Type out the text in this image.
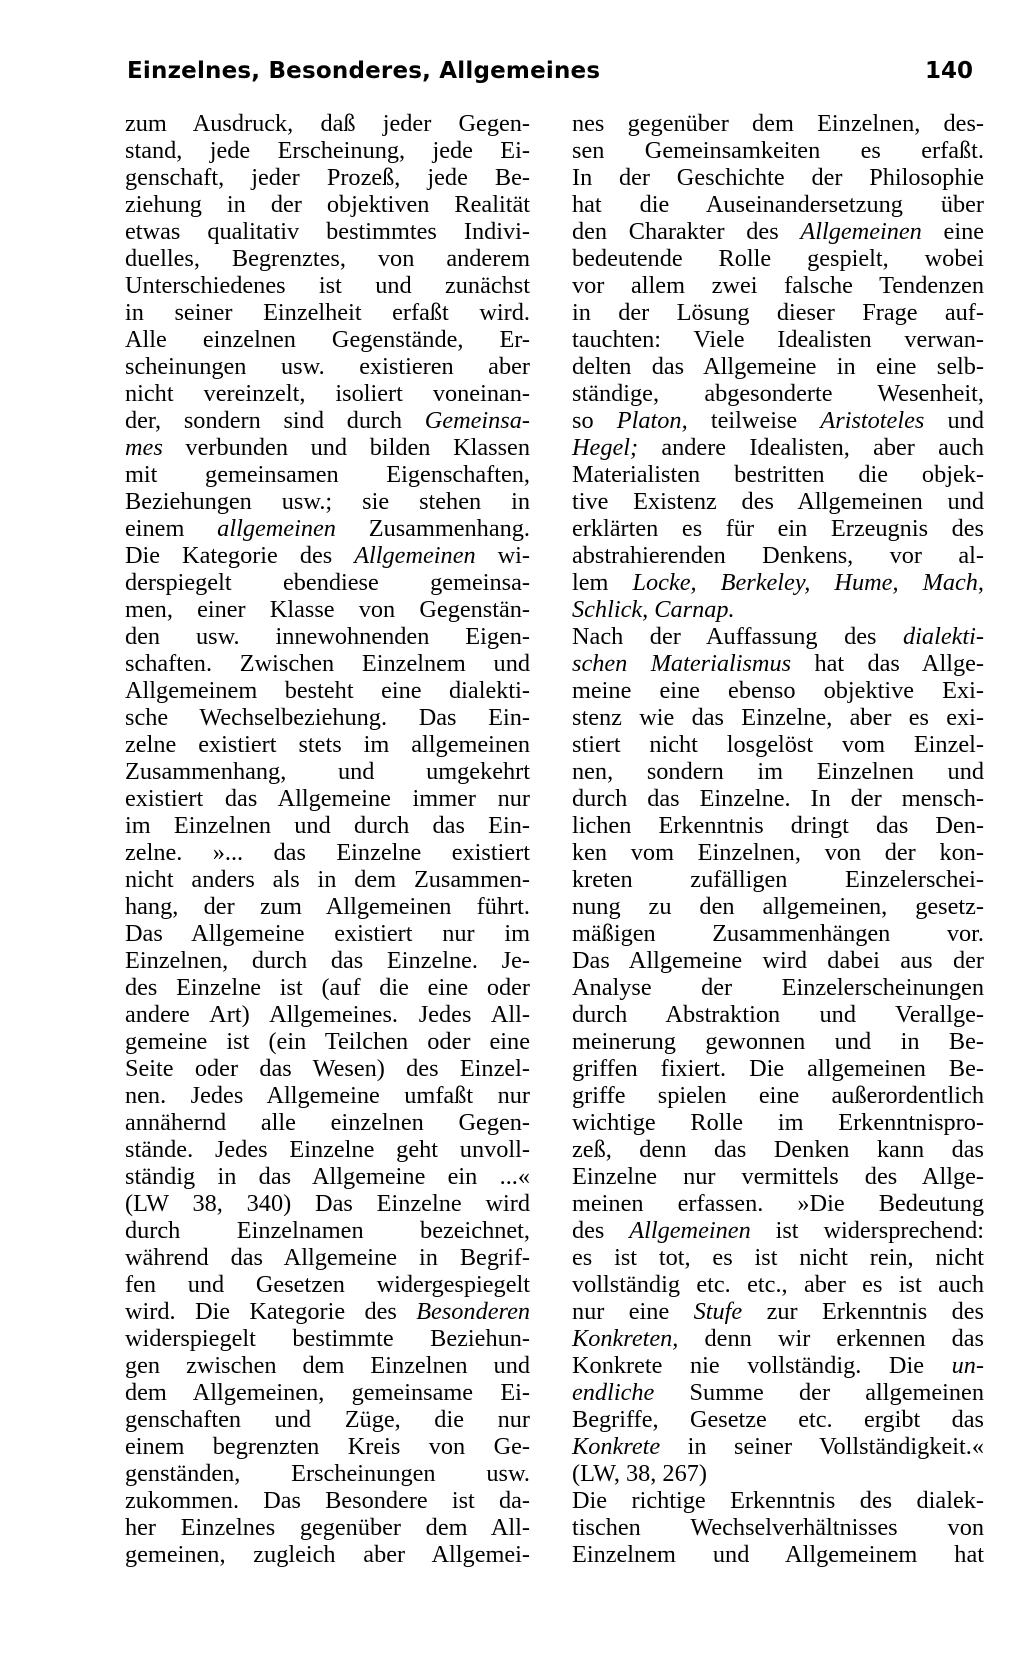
Einzelnes, Besonderes, Allgemeines	140
zum Ausdruck, daß jeder Gegen-
stand, jede Erscheinung, jede Ei-
genschaft, jeder Prozeß, jede Be-
ziehung in der objektiven Realität
etwas qualitativ bestimmtes Indivi-
duelles, Begrenztes, von anderem
Unterschiedenes ist und zunächst
in seiner Einzelheit erfaßt wird.
Alle einzelnen Gegenstände, Er-
scheinungen usw. existieren aber
nicht vereinzelt, isoliert voneinan-
der, sondern sind durch Gemeinsa-
mes verbunden und bilden Klassen
mit gemeinsamen Eigenschaften,
Beziehungen usw.; sie stehen in
einem allgemeinen Zusammenhang.
Die Kategorie des Allgemeinen wi-
derspiegelt ebendiese gemeinsa-
men, einer Klasse von Gegenstän-
den usw. innewohnenden Eigen-
schaften. Zwischen Einzelnem und
Allgemeinem besteht eine dialekti-
sche Wechselbeziehung. Das Ein-
zelne existiert stets im allgemeinen
Zusammenhang, und umgekehrt
existiert das Allgemeine immer nur
im Einzelnen und durch das Ein-
zelne. »... das Einzelne existiert
nicht anders als in dem Zusammen-
hang, der zum Allgemeinen führt.
Das Allgemeine existiert nur im
Einzelnen, durch das Einzelne. Je-
des Einzelne ist (auf die eine oder
andere Art) Allgemeines. Jedes All-
gemeine ist (ein Teilchen oder eine
Seite oder das Wesen) des Einzel-
nen. Jedes Allgemeine umfaßt nur
annähernd alle einzelnen Gegen-
stände. Jedes Einzelne geht unvoll-
ständig in das Allgemeine ein ...«
(LW 38, 340) Das Einzelne wird
durch Einzelnamen bezeichnet,
während das Allgemeine in Begrif-
fen und Gesetzen widergespiegelt
wird. Die Kategorie des Besonderen
widerspiegelt bestimmte Beziehun-
gen zwischen dem Einzelnen und
dem Allgemeinen, gemeinsame Ei-
genschaften und Züge, die nur
einem begrenzten Kreis von Ge-
genständen, Erscheinungen usw.
zukommen. Das Besondere ist da-
her Einzelnes gegenüber dem All-
gemeinen, zugleich aber Allgemei-
nes gegenüber dem Einzelnen, des-
sen Gemeinsamkeiten es erfaßt.
In der Geschichte der Philosophie
hat die Auseinandersetzung über
den Charakter des Allgemeinen eine
bedeutende Rolle gespielt, wobei
vor allem zwei falsche Tendenzen
in der Lösung dieser Frage auf-
tauchten: Viele Idealisten verwan-
delten das Allgemeine in eine selb-
ständige, abgesonderte Wesenheit,
so Platon, teilweise Aristoteles und
Hegel; andere Idealisten, aber auch
Materialisten bestritten die objek-
tive Existenz des Allgemeinen und
erklärten es für ein Erzeugnis des
abstrahierenden Denkens, vor al-
lem Locke, Berkeley, Hume, Mach,
Schlick, Carnap.
Nach der Auffassung des dialekti-
schen Materialismus hat das Allge-
meine eine ebenso objektive Exi-
stenz wie das Einzelne, aber es exi-
stiert nicht losgelöst vom Einzel-
nen, sondern im Einzelnen und
durch das Einzelne. In der mensch-
lichen Erkenntnis dringt das Den-
ken vom Einzelnen, von der kon-
kreten zufälligen Einzelerschei-
nung zu den allgemeinen, gesetz-
mäßigen Zusammenhängen vor.
Das Allgemeine wird dabei aus der
Analyse der Einzelerscheinungen
durch Abstraktion und Verallge-
meinerung gewonnen und in Be-
griffen fixiert. Die allgemeinen Be-
griffe spielen eine außerordentlich
wichtige Rolle im Erkenntnispro-
zeß, denn das Denken kann das
Einzelne nur vermittels des Allge-
meinen erfassen. »Die Bedeutung
des Allgemeinen ist widersprechend:
es ist tot, es ist nicht rein, nicht
vollständig etc. etc., aber es ist auch
nur eine Stufe zur Erkenntnis des
Konkreten, denn wir erkennen das
Konkrete nie vollständig. Die un-
endliche Summe der allgemeinen
Begriffe, Gesetze etc. ergibt das
Konkrete in seiner Vollständigkeit.«
(LW, 38, 267)
Die richtige Erkenntnis des dialek-
tischen Wechselverhältnisses von
Einzelnem und Allgemeinem hat
